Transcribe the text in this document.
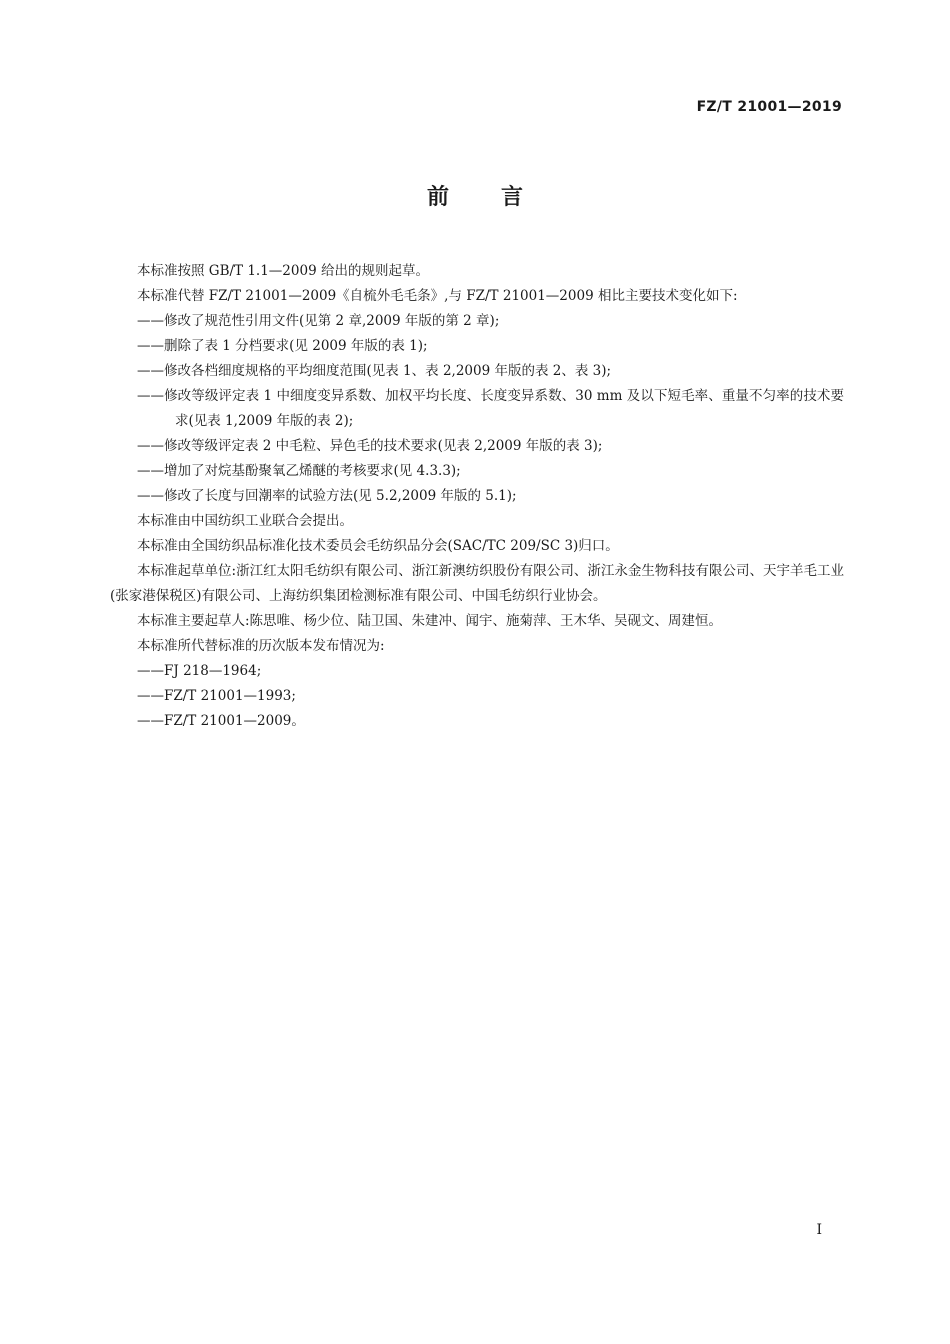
FZ/T 21001—2019
前言

本标准按照 GB/T 1.1—2009 给出的规则起草。

本标准代替 FZ/T 21001—2009《自梳外毛毛条》,与 FZ/T 21001—2009 相比主要技术变化如下:

——修改了规范性引用文件(见第 2 章,2009 年版的第 2 章);

——删除了表 1 分档要求(见 2009 年版的表 1);

——修改各档细度规格的平均细度范围(见表 1、表 2,2009 年版的表 2、表 3);

——修改等级评定表 1 中细度变异系数、加权平均长度、长度变异系数、30 mm 及以下短毛率、重量不匀率的技术要求(见表 1,2009 年版的表 2);

——修改等级评定表 2 中毛粒、异色毛的技术要求(见表 2,2009 年版的表 3);

——增加了对烷基酚聚氧乙烯醚的考核要求(见 4.3.3);

——修改了长度与回潮率的试验方法(见 5.2,2009 年版的 5.1);

本标准由中国纺织工业联合会提出。

本标准由全国纺织品标准化技术委员会毛纺织品分会(SAC/TC 209/SC 3)归口。

本标准起草单位:浙江红太阳毛纺织有限公司、浙江新澳纺织股份有限公司、浙江永金生物科技有限公司、天宇羊毛工业(张家港保税区)有限公司、上海纺织集团检测标准有限公司、中国毛纺织行业协会。

本标准主要起草人:陈思唯、杨少位、陆卫国、朱建冲、闻宇、施菊萍、王木华、吴砚文、周建恒。

本标准所代替标准的历次版本发布情况为:

——FJ 218—1964;

——FZ/T 21001—1993;

——FZ/T 21001—2009。

I
